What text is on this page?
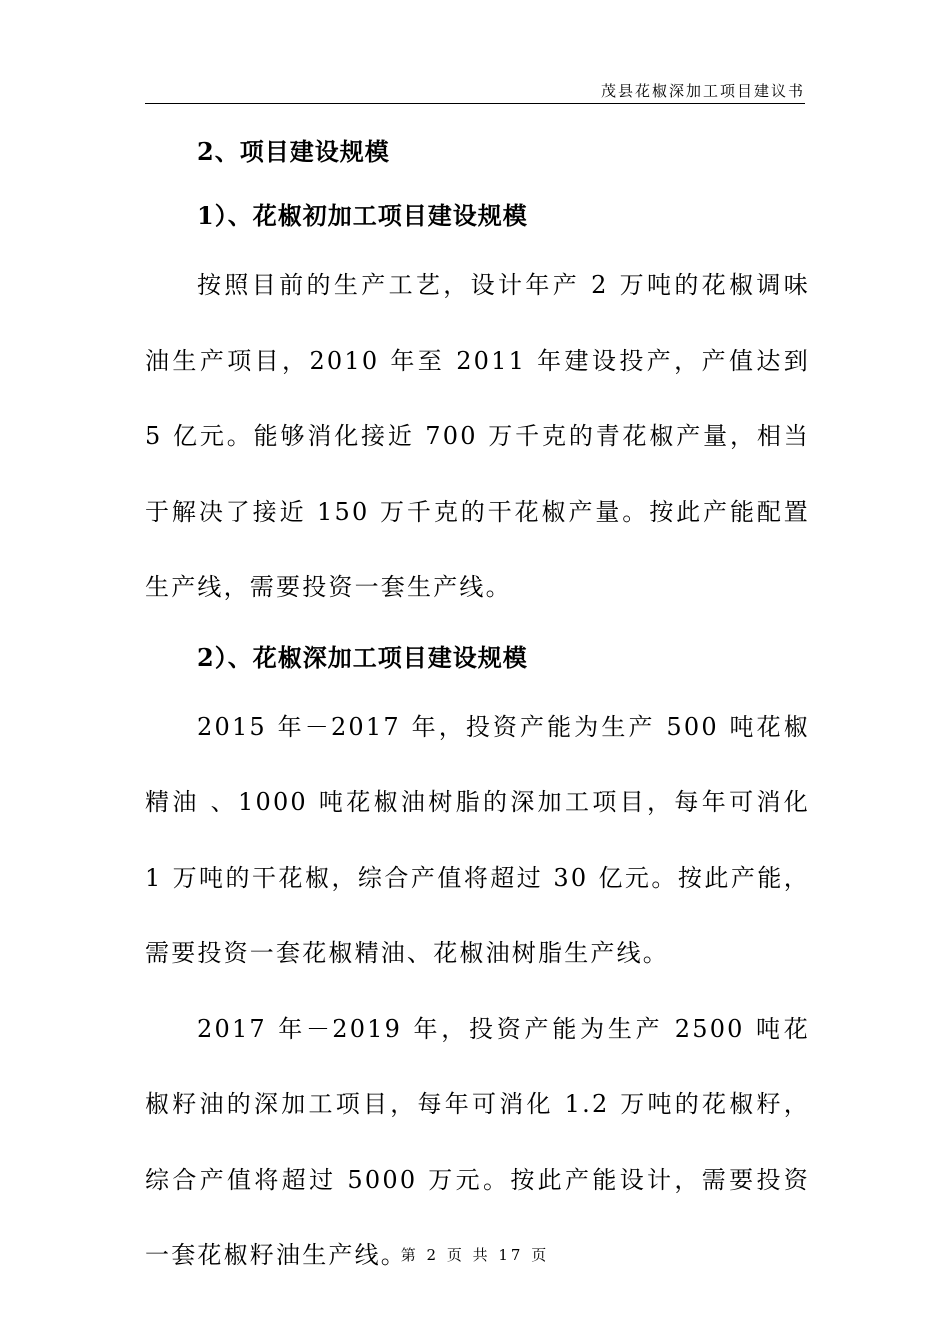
茂县花椒深加工项目建议书
2、项目建设规模
1）、花椒初加工项目建设规模

按照目前的生产工艺，设计年产 2 万吨的花椒调味油生产项目，2010 年至 2011 年建设投产，产值达到 5 亿元。能够消化接近 700 万千克的青花椒产量，相当于解决了接近 150 万千克的干花椒产量。按此产能配置生产线，需要投资一套生产线。

2）、花椒深加工项目建设规模

2015 年－2017 年，投资产能为生产 500 吨花椒精油 、1000 吨花椒油树脂的深加工项目，每年可消化 1 万吨的干花椒，综合产值将超过 30 亿元。按此产能，需要投资一套花椒精油、花椒油树脂生产线。

2017 年－2019 年，投资产能为生产 2500 吨花椒籽油的深加工项目，每年可消化 1.2 万吨的花椒籽，综合产值将超过 5000 万元。按此产能设计，需要投资一套花椒籽油生产线。

第 2 页 共 17 页
